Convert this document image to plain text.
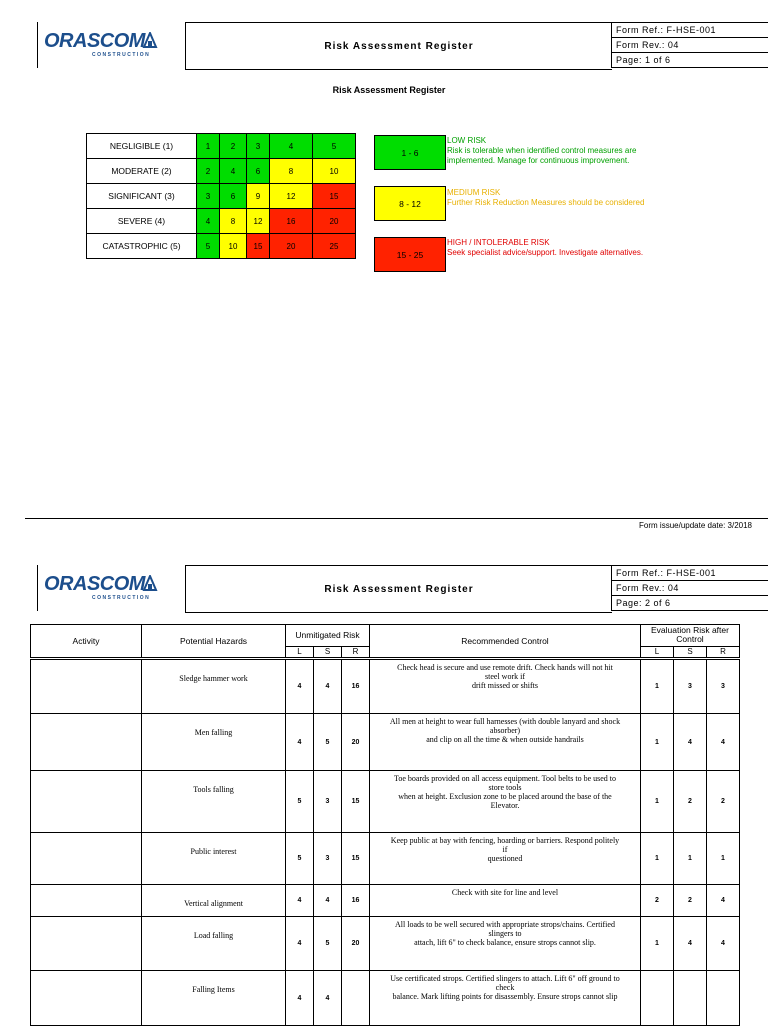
ORASCOM
CONSTRUCTION
Risk Assessment Register
Form Ref.: F-HSE-001
Form Rev.: 04
Page: 1 of 6
Risk Assessment Register
NEGLIGIBLE (1)	1	2	3	4	5
MODERATE (2)	2	4	6	8	10
SIGNIFICANT (3)	3	6	9	12	15
SEVERE (4)	4	8	12	16	20
CATASTROPHIC (5)	5	10	15	20	25
1 - 6
LOW RISK
Risk is tolerable when identified control measures are
implemented. Manage for continuous improvement.
8 - 12
MEDIUM RISK
Further Risk Reduction Measures should be considered
15 - 25
HIGH / INTOLERABLE RISK
Seek specialist advice/support. Investigate alternatives.
Form issue/update date: 3/2018
ORASCOM
CONSTRUCTION
Risk Assessment Register
Form Ref.: F-HSE-001
Form Rev.: 04
Page: 2 of 6
Activity	Potential Hazards	Unmitigated Risk			Recommended Control	Evaluation Risk after Control		
		L	S	R		L	S	R
	Sledge hammer work	4	4	16	Check head is secure and use remote drift. Check hands will not hit
steel work if
drift missed or shifts	1	3	3
	Men falling	4	5	20	All men at height to wear full harnesses (with double lanyard and shock
absorber)
and clip on all the time & when outside handrails	1	4	4
	Tools falling	5	3	15	Toe boards provided on all access equipment. Tool belts to be used to
store tools
when at height. Exclusion zone to be placed around the base of the
Elevator.	1	2	2
	Public interest	5	3	15	Keep public at bay with fencing, hoarding or barriers. Respond politely
if
questioned	1	1	1
	Vertical alignment	4	4	16	Check with site for line and level	2	2	4
	Load falling	4	5	20	All loads to be well secured with appropriate strops/chains. Certified
slingers to
attach, lift 6" to check balance, ensure strops cannot slip.	1	4	4
	Falling Items	4	4		Use certificated strops. Certified slingers to attach. Lift 6" off ground to
check
balance. Mark lifting points for disassembly. Ensure strops cannot slip			
